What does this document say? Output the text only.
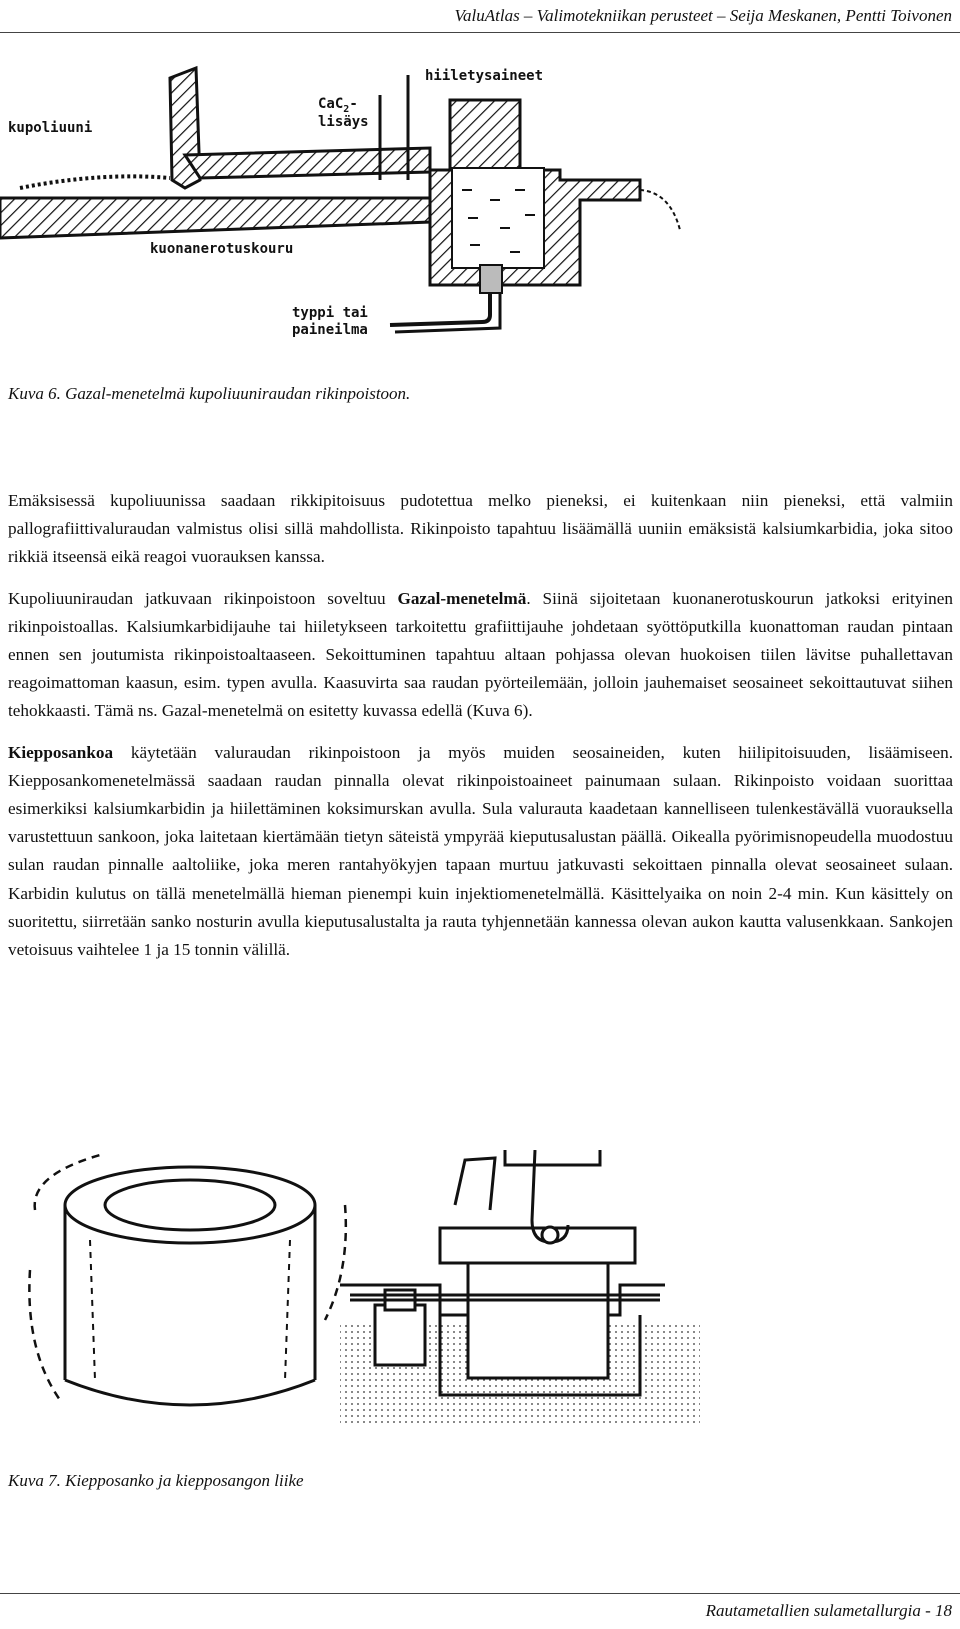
ValuAtlas – Valimotekniikan perusteet – Seija Meskanen, Pentti Toivonen
kupoliuuni
CaC$_2$-
lisäys
hiiletysaineet
kuonanerotuskouru
typpi tai
paineilma
Kuva 6. Gazal-menetelmä kupoliuuniraudan rikinpoistoon.

Emäksisessä kupoliuunissa saadaan rikkipitoisuus pudotettua melko pieneksi, ei kuitenkaan niin pieneksi, että valmiin pallografiittivaluraudan valmistus olisi sillä mahdollista. Rikinpoisto tapahtuu lisäämällä uuniin emäksistä kalsiumkarbidia, joka sitoo rikkiä itseensä eikä reagoi vuorauksen kanssa.

Kupoliuuniraudan jatkuvaan rikinpoistoon soveltuu Gazal-menetelmä. Siinä sijoitetaan kuonanerotuskourun jatkoksi erityinen rikinpoistoallas. Kalsiumkarbidijauhe tai hiiletykseen tarkoitettu grafiittijauhe johdetaan syöttöputkilla kuonattoman raudan pintaan ennen sen joutumista rikinpoistoaltaaseen. Sekoittuminen tapahtuu altaan pohjassa olevan huokoisen tiilen lävitse puhallettavan reagoimattoman kaasun, esim. typen avulla. Kaasuvirta saa raudan pyörteilemään, jolloin jauhemaiset seosaineet sekoittautuvat siihen tehokkaasti. Tämä ns. Gazal-menetelmä on esitetty kuvassa edellä (Kuva 6).

Kiepposankoa käytetään valuraudan rikinpoistoon ja myös muiden seosaineiden, kuten hiilipitoisuuden, lisäämiseen. Kiepposankomenetelmässä saadaan raudan pinnalla olevat rikinpoistoaineet painumaan sulaan. Rikinpoisto voidaan suorittaa esimerkiksi kalsiumkarbidin ja hiilettäminen koksimurskan avulla. Sula valurauta kaadetaan kannelliseen tulenkestävällä vuorauksella varustettuun sankoon, joka laitetaan kiertämään tietyn säteistä ympyrää kieputusalustan päällä. Oikealla pyörimisnopeudella muodostuu sulan raudan pinnalle aaltoliike, joka meren rantahyökyjen tapaan murtuu jatkuvasti sekoittaen pinnalla olevat seosaineet sulaan. Karbidin kulutus on tällä menetelmällä hieman pienempi kuin injektiomenetelmällä. Käsittelyaika on noin 2-4 min. Kun käsittely on suoritettu, siirretään sanko nosturin avulla kieputusalustalta ja rauta tyhjennetään kannessa olevan aukon kautta valusenkkaan. Sankojen vetoisuus vaihtelee 1 ja 15 tonnin välillä.

Kuva 7. Kiepposanko ja kiepposangon liike
Rautametallien sulametallurgia - 18
